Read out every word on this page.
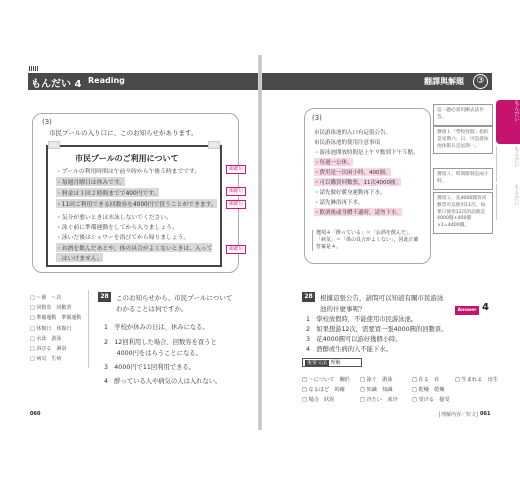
もんだい 4 Reading	翻譯與解題	③
(3)
市民プールの入り口に、このお知らせがあります。
市民プールのご利用について
・プールの利用時間は午前９時から午後５時までです。
・毎週月曜日は休みです。
・料金は１回２時間までで400円です。
・11回ご利用できる回数券を4000円で買うことができます。
・気分が悪いときは水泳しないでください。
・泳ぐ前に準備運動をしてから入りましょう。
・泳いだ後はシャワーを浴びてから帰りましょう。
・お酒を飲んだあとや、体の具合がよくないときは、入って
　はいけません。
關鍵句
關鍵句
關鍵句
關鍵句
□ ～節　～次
□ 回数券　回數票
□ 準備運動　準備運動
□ 休館日　休館日
□ 水泳　游泳
□ 浴びる　淋浴
□ 病気　生病
28	このお知らせから、市民プールについて
わかることは何ですか。
1　学校が休みの日は、休みになる。
2　12回利用した場合、回数券を買うと
　　4000円をはらうことになる。
3　4000円で11回利用できる。
4　酔っている人や病気の人は入れない。
060
(3)
市民游泳池的入口有這張公告。
市民游泳池的使用注意事項
・游泳池開放時間是上午９點到下午５點。
・每週一公休。
・費用是一次兩小時，400圓。
・可以購買回數票，11次4000圓。
・請先做好暖身運動再下水。
・請先淋浴再下水。
・飲酒後或身體不適時，請勿下水。
選項４「酔っている」＝「お酒を飲んだ」，「病気」＝「体の具合がよくない」，因此正確答案是４。
這一題必須用刪去法作答。
選項１「學校放假」指的是星期六、日，可是游泳池休館日是星期一。
選項３，時間限制是兩小時。
選項２，花4000圓買回數票可以使用11次，如果只使用12次的話就是4000圓+400圓×1=4400圓。
もんだい
もんだい
もんだい
28	根據這張公告，請問可以知道有關市民游泳
池的什麼事呢？	Answer 4
1　學校放假時，不能使用市民游泳池。
2　如果想游12次，需要買一張4000圓的回數票。
3　花4000圓可以游好幾個小時。
4　酒醉或生病的人不能下水。
重要文法 理解
□ ～について　關於
□ なるほど　的確
□ 場合　狀況
□ 泳ぐ　游泳
□ 知識　知識
□ 冷たい　冰冷
□ 在る　在
□ 乾燥　乾燥
□ 受ける　接受
□ 生まれる　出生
│理解內容／短文│ 061
